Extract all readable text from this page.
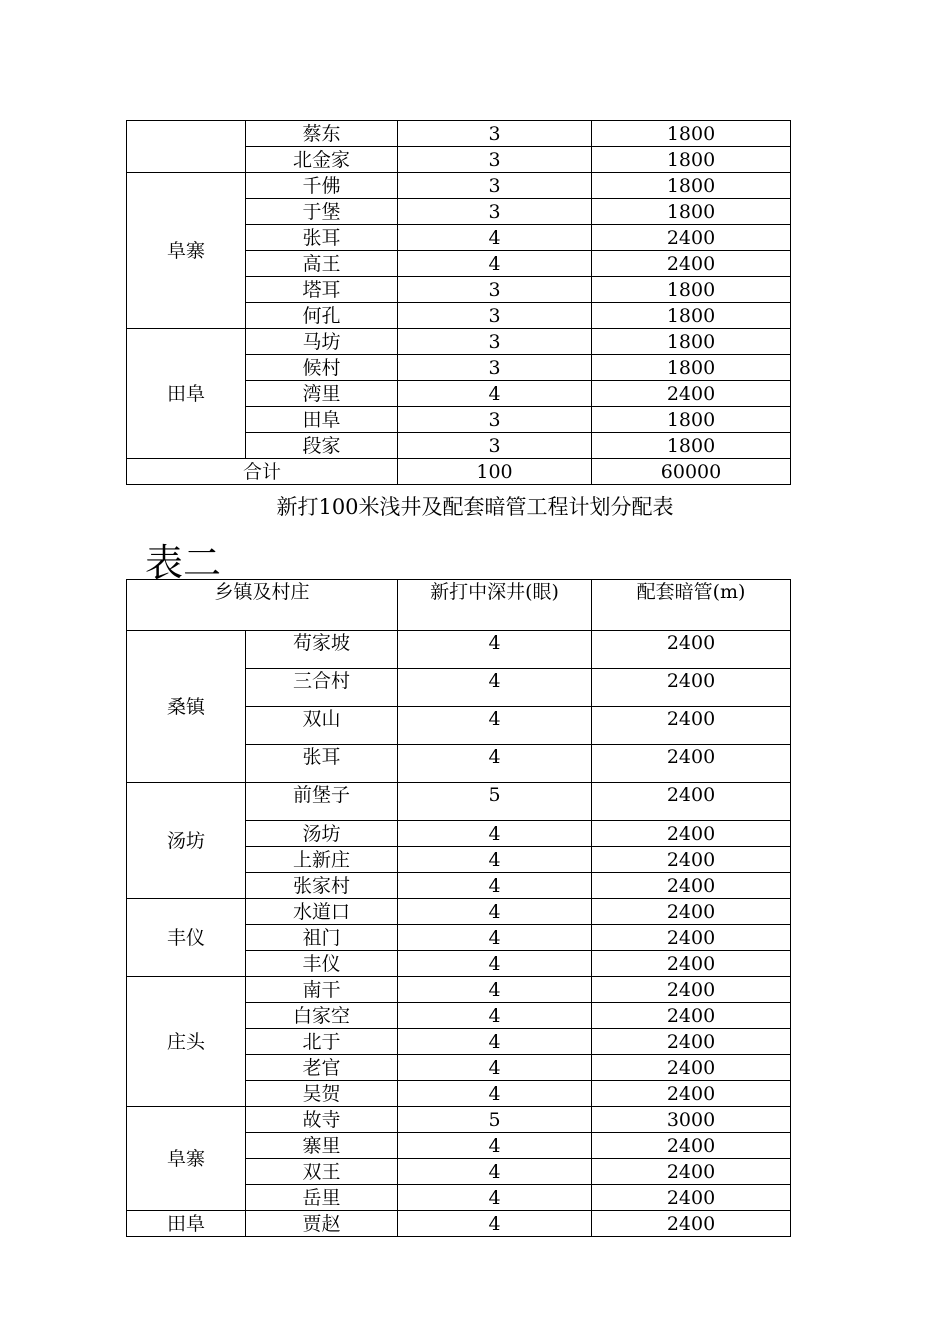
	蔡东	3	1800
	北金家	3	1800
阜寨	千佛	3	1800
	于堡	3	1800
	张耳	4	2400
	高王	4	2400
	塔耳	3	1800
	何孔	3	1800
田阜	马坊	3	1800
	候村	3	1800
	湾里	4	2400
	田阜	3	1800
	段家	3	1800
合计		100	60000
新打100米浅井及配套暗管工程计划分配表
表二
乡镇及村庄		新打中深井(眼)	配套暗管(m)
桑镇	苟家坡	4	2400
	三合村	4	2400
	双山	4	2400
	张耳	4	2400
汤坊	前堡子	5	2400
	汤坊	4	2400
	上新庄	4	2400
	张家村	4	2400
丰仪	水道口	4	2400
	祖门	4	2400
	丰仪	4	2400
庄头	南干	4	2400
	白家空	4	2400
	北于	4	2400
	老官	4	2400
	吴贺	4	2400
阜寨	故寺	5	3000
	寨里	4	2400
	双王	4	2400
	岳里	4	2400
田阜	贾赵	4	2400
